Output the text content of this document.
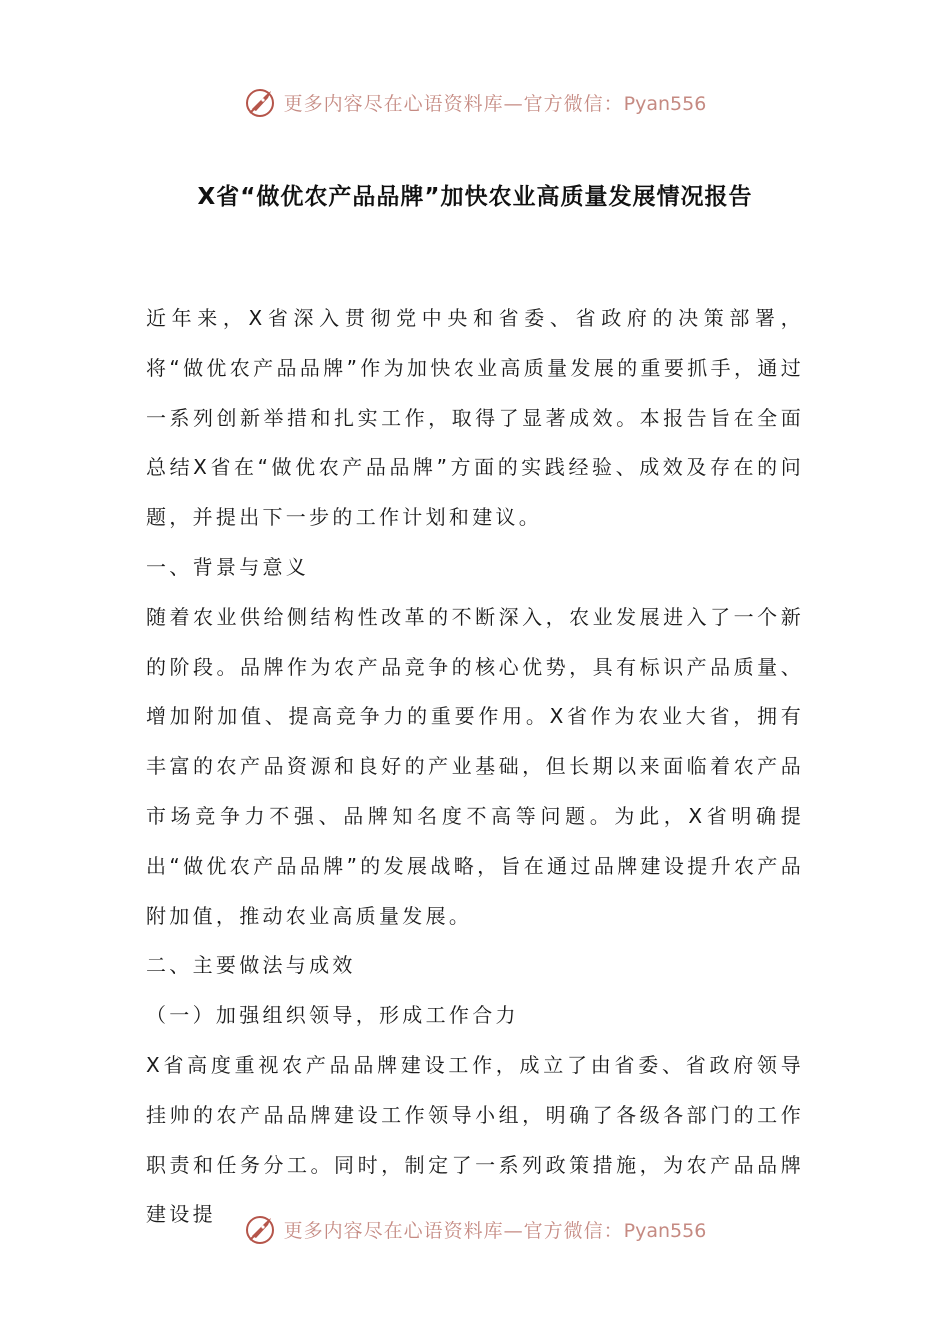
更多内容尽在心语资料库—官方微信：Pyan556
X省“做优农产品品牌”加快农业高质量发展情况报告

近年来，X省深入贯彻党中央和省委、省政府的决策部署，将“做优农产品品牌”作为加快农业高质量发展的重要抓手，通过一系列创新举措和扎实工作，取得了显著成效。本报告旨在全面总结X省在“做优农产品品牌”方面的实践经验、成效及存在的问题，并提出下一步的工作计划和建议。

一、背景与意义

随着农业供给侧结构性改革的不断深入，农业发展进入了一个新的阶段。品牌作为农产品竞争的核心优势，具有标识产品质量、增加附加值、提高竞争力的重要作用。X省作为农业大省，拥有丰富的农产品资源和良好的产业基础，但长期以来面临着农产品市场竞争力不强、品牌知名度不高等问题。为此，X省明确提出“做优农产品品牌”的发展战略，旨在通过品牌建设提升农产品附加值，推动农业高质量发展。

二、主要做法与成效

（一）加强组织领导，形成工作合力

X省高度重视农产品品牌建设工作，成立了由省委、省政府领导挂帅的农产品品牌建设工作领导小组，明确了各级各部门的工作职责和任务分工。同时，制定了一系列政策措施，为农产品品牌建设提

更多内容尽在心语资料库—官方微信：Pyan556
